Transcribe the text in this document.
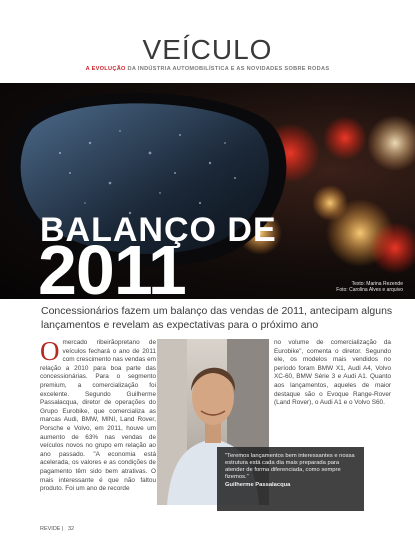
VEÍCULO
A EVOLUÇÃO DA INDÚSTRIA AUTOMOBILÍSTICA E AS NOVIDADES SOBRE RODAS
BALANÇO DE
2011	Texto: Marina Rezende
Foto: Carolina Alves e arquivo
Concessionários fazem um balanço das vendas de 2011, antecipam alguns lançamentos e revelam as expectativas para o próximo ano
Omercado ribeirãopretano de veículos fechará o ano de 2011 com crescimento nas vendas em relação a 2010 para boa parte das concessionárias. Para o segmento premium, a comercialização foi excelente. Segundo Guilherme Passalacqua, diretor de operações do Grupo Eurobike, que comercializa as marcas Audi, BMW, MINI, Land Rover, Porsche e Volvo, em 2011, houve um aumento de 63% nas vendas de veículos novos no grupo em relação ao ano passado. "A economia está acelerada, os valores e as condições de pagamento têm sido bem atrativas. O mais interessante é que não faltou produto. Foi um ano de recorde
no volume de comercialização da Eurobike", comenta o diretor. Segundo ele, os modelos mais vendidos no período foram BMW X1, Audi A4, Volvo XC-60, BMW Série 3 e Audi A1. Quanto aos lançamentos, aqueles de maior destaque são o Evoque Range-Rover (Land Rover), o Audi A1 e o Volvo S60.
"Teremos lançamentos bem interessantes e nossa estrutura está cada dia mais preparada para atender de forma diferenciada, como sempre fizemos."
Guilherme Passalacqua
REVIDE | 32
